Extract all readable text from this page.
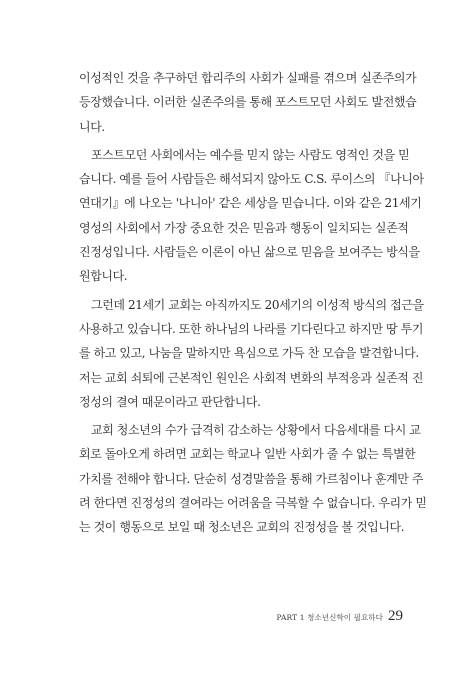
이성적인 것을 추구하던 합리주의 사회가 실패를 겪으며 실존주의가
등장했습니다. 이러한 실존주의를 통해 포스트모던 사회도 발전했습
니다.
포스트모던 사회에서는 예수를 믿지 않는 사람도 영적인 것을 믿
습니다. 예를 들어 사람들은 해석되지 않아도 C.S. 루이스의 『나니아
연대기』에 나오는 '나니아' 같은 세상을 믿습니다. 이와 같은 21세기
영성의 사회에서 가장 중요한 것은 믿음과 행동이 일치되는 실존적
진정성입니다. 사람들은 이론이 아닌 삶으로 믿음을 보여주는 방식을
원합니다.
그런데 21세기 교회는 아직까지도 20세기의 이성적 방식의 접근을
사용하고 있습니다. 또한 하나님의 나라를 기다린다고 하지만 땅 투기
를 하고 있고, 나눔을 말하지만 욕심으로 가득 찬 모습을 발견합니다.
저는 교회 쇠퇴에 근본적인 원인은 사회적 변화의 부적응과 실존적 진
정성의 결여 때문이라고 판단합니다.
교회 청소년의 수가 급격히 감소하는 상황에서 다음세대를 다시 교
회로 돌아오게 하려면 교회는 학교나 일반 사회가 줄 수 없는 특별한
가치를 전해야 합니다. 단순히 성경말씀을 통해 가르침이나 훈계만 주
려 한다면 진정성의 결여라는 어려움을 극복할 수 없습니다. 우리가 믿
는 것이 행동으로 보일 때 청소년은 교회의 진정성을 볼 것입니다.
PART 1 청소년신학이 필요하다 29
